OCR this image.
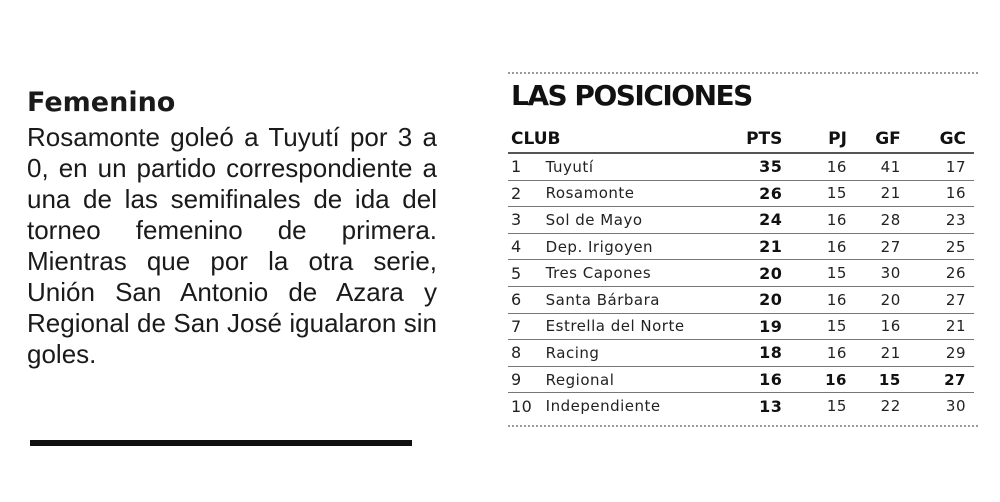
Femenino

Rosamonte goleó a Tuyutí por 3 a 0, en un partido correspondiente a una de las semifinales de ida del torneo femenino de primera. Mientras que por la otra serie, Unión San Antonio de Azara y Regional de San José igualaron sin goles.

LAS POSICIONES
CLUB		PTS	PJ	GF	GC
1	Tuyutí	35	16	41	17
2	Rosamonte	26	15	21	16
3	Sol de Mayo	24	16	28	23
4	Dep. Irigoyen	21	16	27	25
5	Tres Capones	20	15	30	26
6	Santa Bárbara	20	16	20	27
7	Estrella del Norte	19	15	16	21
8	Racing	18	16	21	29
9	Regional	16	16	15	27
10	Independiente	13	15	22	30
